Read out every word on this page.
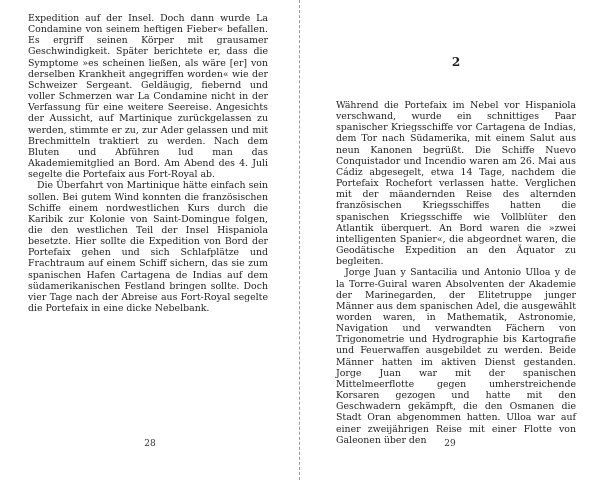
Expedition auf der Insel. Doch dann wurde La Condamine von seinem heftigen Fieber« befallen. Es ergriff seinen Körper mit grausamer Geschwindigkeit. Später berichtete er, dass die Symptome »es scheinen ließen, als wäre [er] von derselben Krankheit angegriffen worden« wie der Schweizer Sergeant. Geldäugig, fiebernd und voller Schmerzen war La Condamine nicht in der Verfassung für eine weitere Seereise. Angesichts der Aussicht, auf Martinique zurückgelassen zu werden, stimmte er zu, zur Ader gelassen und mit Brechmitteln traktiert zu werden. Nach dem Bluten und Abführen lud man das Akademiemitglied an Bord. Am Abend des 4. Juli segelte die Portefaix aus Fort-Royal ab.

Die Überfahrt von Martinique hätte einfach sein sollen. Bei gutem Wind konnten die französischen Schiffe einem nordwestlichen Kurs durch die Karibik zur Kolonie von Saint-Domingue folgen, die den westlichen Teil der Insel Hispaniola besetzte. Hier sollte die Expedition von Bord der Portefaix gehen und sich Schlafplätze und Frachtraum auf einem Schiff sichern, das sie zum spanischen Hafen Cartagena de Indias auf dem südamerikanischen Festland bringen sollte. Doch vier Tage nach der Abreise aus Fort-Royal segelte die Portefaix in eine dicke Nebelbank.

28
2

Während die Portefaix im Nebel vor Hispaniola verschwand, wurde ein schnittiges Paar spanischer Kriegsschiffe vor Cartagena de Indias, dem Tor nach Südamerika, mit einem Salut aus neun Kanonen begrüßt. Die Schiffe Nuevo Conquistador und Incendio waren am 26. Mai aus Cádiz abgesegelt, etwa 14 Tage, nachdem die Portefaix Rochefort verlassen hatte. Verglichen mit der mäandernden Reise des alternden französischen Kriegsschiffes hatten die spanischen Kriegsschiffe wie Vollblüter den Atlantik überquert. An Bord waren die »zwei intelligenten Spanier«, die abgeordnet waren, die Geodätische Expedition an den Äquator zu begleiten.

Jorge Juan y Santacilia und Antonio Ulloa y de la Torre-Guiral waren Absolventen der Akademie der Marinegarden, der Elitetruppe junger Männer aus dem spanischen Adel, die ausgewählt worden waren, in Mathematik, Astronomie, Navigation und verwandten Fächern von Trigonometrie und Hydrographie bis Kartografie und Feuerwaffen ausgebildet zu werden. Beide Männer hatten im aktiven Dienst gestanden. Jorge Juan war mit der spanischen Mittelmeerflotte gegen umherstreichende Korsaren gezogen und hatte mit den Geschwadern gekämpft, die den Osmanen die Stadt Oran abgenommen hatten. Ulloa war auf einer zweijährigen Reise mit einer Flotte von Galeonen über den	29
